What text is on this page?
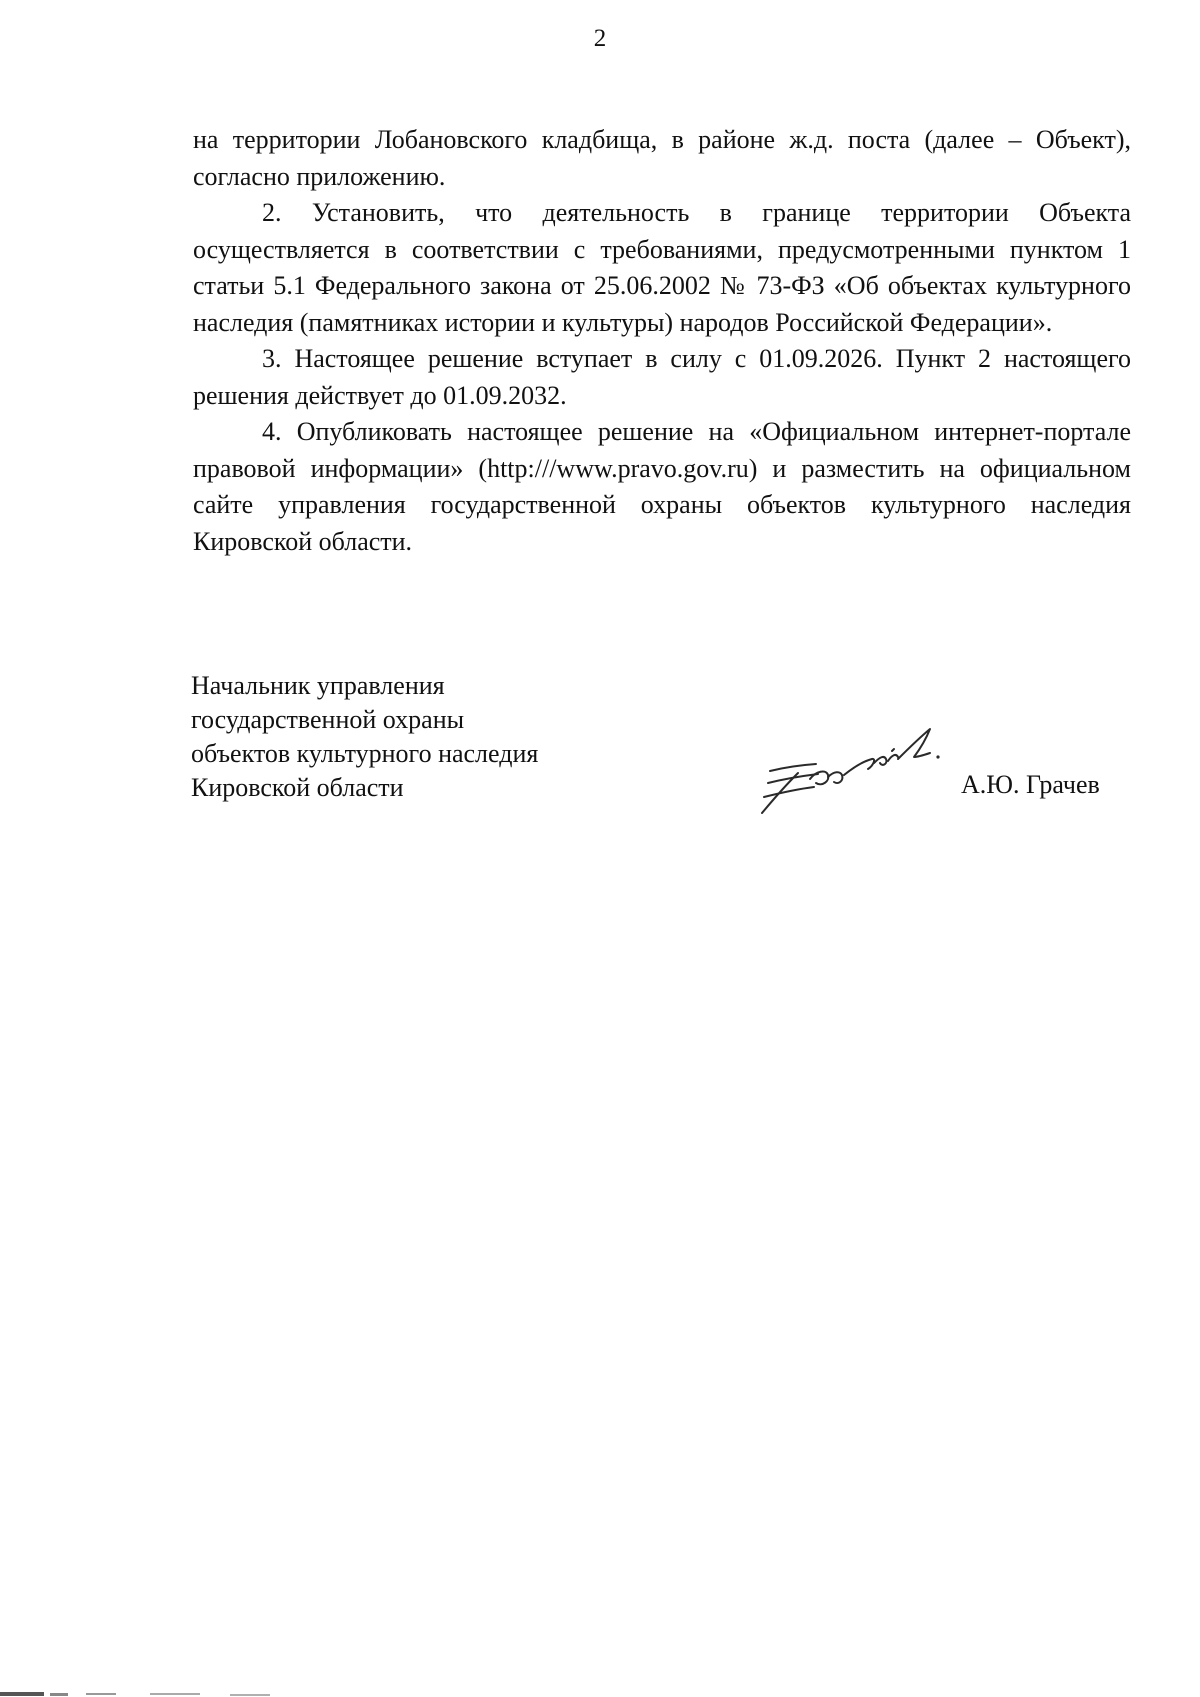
2

на территории Лобановского кладбища, в районе ж.д. поста (далее – Объект), согласно приложению.

2. Установить, что деятельность в границе территории Объекта осуществляется в соответствии с требованиями, предусмотренными пунктом 1 статьи 5.1 Федерального закона от 25.06.2002 № 73-ФЗ «Об объектах культурного наследия (памятниках истории и культуры) народов Российской Федерации».

3. Настоящее решение вступает в силу с 01.09.2026. Пункт 2 настоящего решения действует до 01.09.2032.

4. Опубликовать настоящее решение на «Официальном интернет-портале правовой информации» (http:///www.pravo.gov.ru) и разместить на официальном сайте управления государственной охраны объектов культурного наследия Кировской области.

Начальник управления
государственной охраны
объектов культурного наследия
Кировской области	А.Ю. Грачев
